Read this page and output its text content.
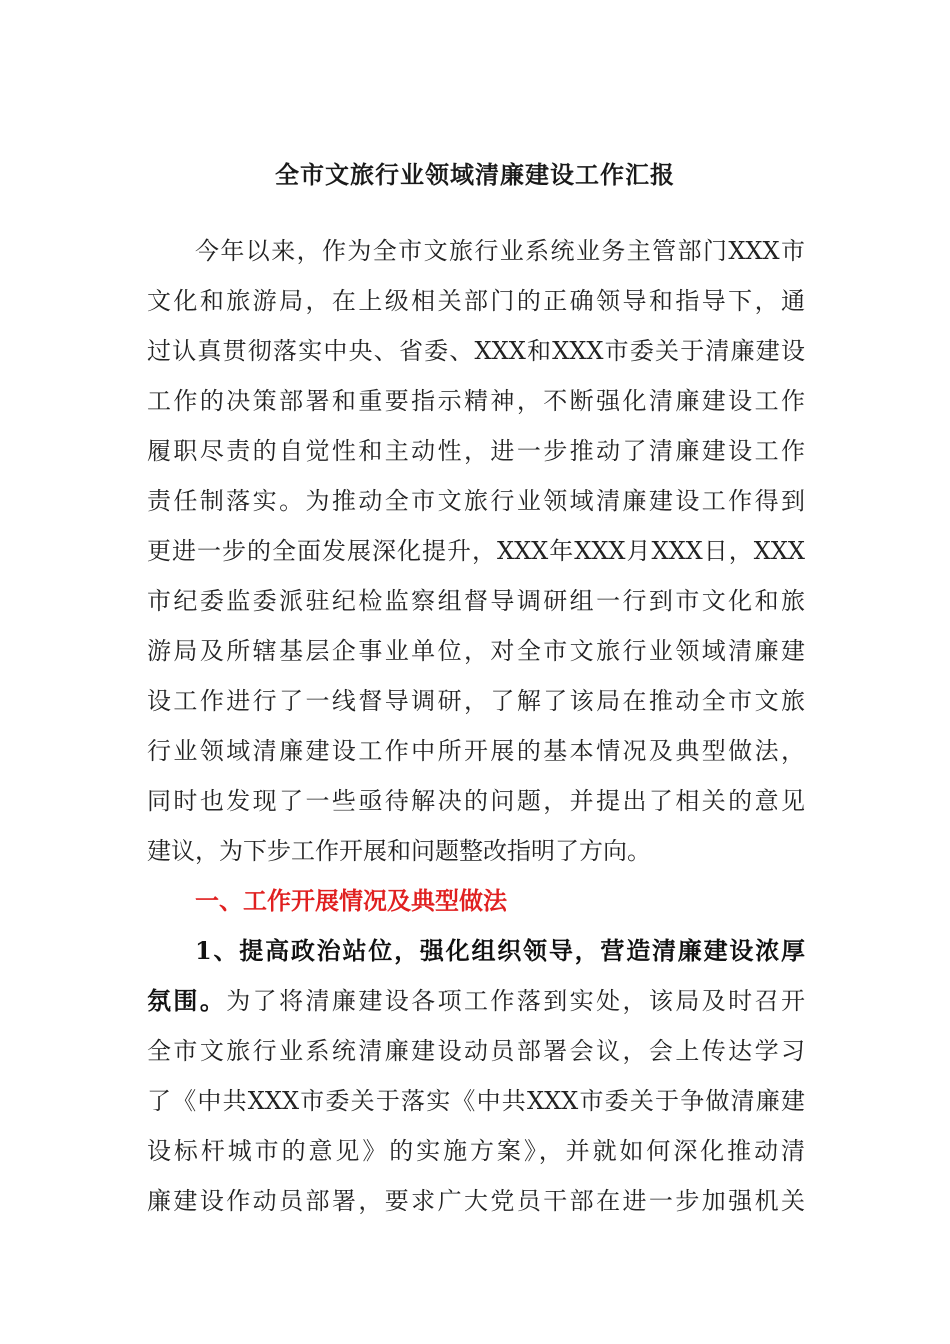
全市文旅行业领域清廉建设工作汇报
今年以来，作为全市文旅行业系统业务主管部门XXX市
文化和旅游局，在上级相关部门的正确领导和指导下，通
过认真贯彻落实中央、省委、XXX和XXX市委关于清廉建设
工作的决策部署和重要指示精神，不断强化清廉建设工作
履职尽责的自觉性和主动性，进一步推动了清廉建设工作
责任制落实。为推动全市文旅行业领域清廉建设工作得到
更进一步的全面发展深化提升，XXX年XXX月XXX日，XXX
市纪委监委派驻纪检监察组督导调研组一行到市文化和旅
游局及所辖基层企事业单位，对全市文旅行业领域清廉建
设工作进行了一线督导调研，了解了该局在推动全市文旅
行业领域清廉建设工作中所开展的基本情况及典型做法，
同时也发现了一些亟待解决的问题，并提出了相关的意见
建议，为下步工作开展和问题整改指明了方向。
一、工作开展情况及典型做法
1、提高政治站位，强化组织领导，营造清廉建设浓厚
氛围。为了将清廉建设各项工作落到实处，该局及时召开
全市文旅行业系统清廉建设动员部署会议，会上传达学习
了《中共XXX市委关于落实《中共XXX市委关于争做清廉建
设标杆城市的意见》的实施方案》，并就如何深化推动清
廉建设作动员部署，要求广大党员干部在进一步加强机关
